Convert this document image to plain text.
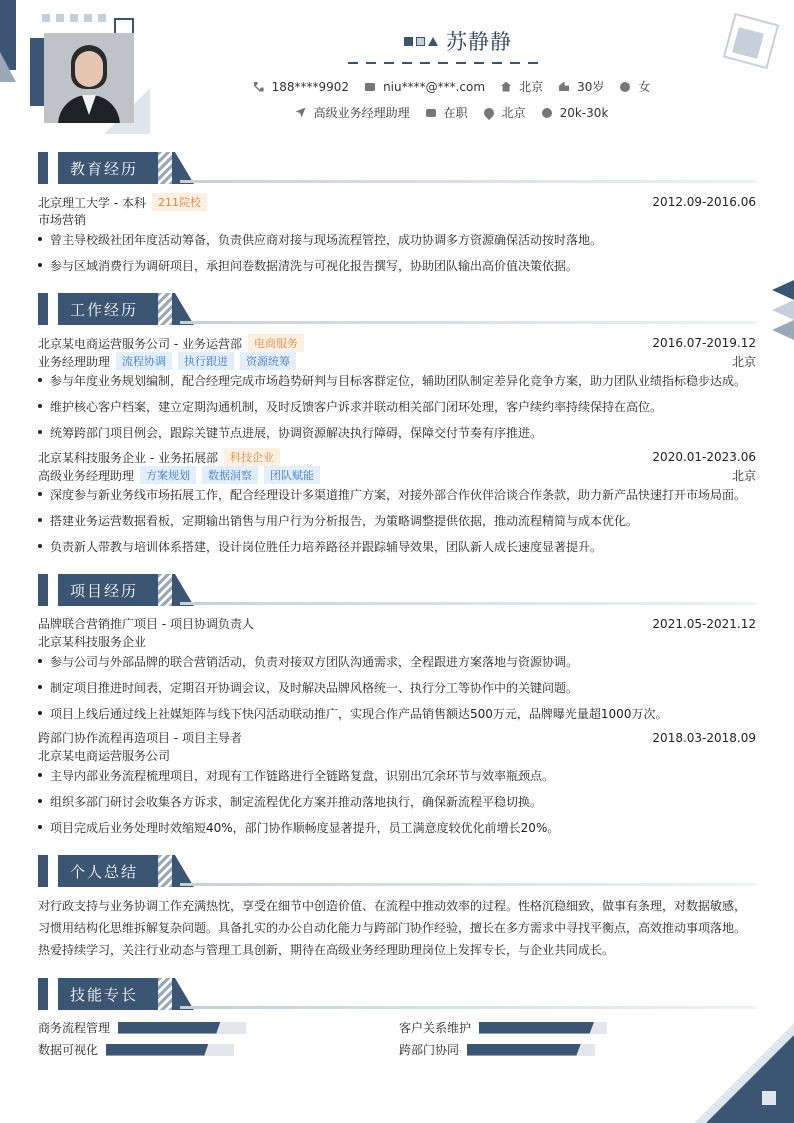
苏静静
188****9902	niu****@***.com	北京	30岁	女
高级业务经理助理	在职	北京	20k-30k
教育经历
北京理工大学 - 本科	211院校	2012.09-2016.06
市场营销
曾主导校级社团年度活动筹备，负责供应商对接与现场流程管控，成功协调多方资源确保活动按时落地。
参与区域消费行为调研项目，承担问卷数据清洗与可视化报告撰写，协助团队输出高价值决策依据。
工作经历
北京某电商运营服务公司 - 业务运营部	电商服务	2016.07-2019.12
业务经理助理	流程协调	执行跟进	资源统筹	北京
参与年度业务规划编制，配合经理完成市场趋势研判与目标客群定位，辅助团队制定差异化竞争方案，助力团队业绩指标稳步达成。
维护核心客户档案，建立定期沟通机制，及时反馈客户诉求并联动相关部门闭环处理，客户续约率持续保持在高位。
统筹跨部门项目例会，跟踪关键节点进展，协调资源解决执行障碍，保障交付节奏有序推进。
北京某科技服务企业 - 业务拓展部	科技企业	2020.01-2023.06
高级业务经理助理	方案规划	数据洞察	团队赋能	北京
深度参与新业务线市场拓展工作，配合经理设计多渠道推广方案，对接外部合作伙伴洽谈合作条款，助力新产品快速打开市场局面。
搭建业务运营数据看板，定期输出销售与用户行为分析报告，为策略调整提供依据，推动流程精简与成本优化。
负责新人带教与培训体系搭建，设计岗位胜任力培养路径并跟踪辅导效果，团队新人成长速度显著提升。
项目经历
品牌联合营销推广项目 - 项目协调负责人	2021.05-2021.12
北京某科技服务企业
参与公司与外部品牌的联合营销活动，负责对接双方团队沟通需求，全程跟进方案落地与资源协调。
制定项目推进时间表，定期召开协调会议，及时解决品牌风格统一、执行分工等协作中的关键问题。
项目上线后通过线上社媒矩阵与线下快闪活动联动推广，实现合作产品销售额达500万元，品牌曝光量超1000万次。
跨部门协作流程再造项目 - 项目主导者	2018.03-2018.09
北京某电商运营服务公司
主导内部业务流程梳理项目，对现有工作链路进行全链路复盘，识别出冗余环节与效率瓶颈点。
组织多部门研讨会收集各方诉求，制定流程优化方案并推动落地执行，确保新流程平稳切换。
项目完成后业务处理时效缩短40%，部门协作顺畅度显著提升，员工满意度较优化前增长20%。
个人总结
对行政支持与业务协调工作充满热忱，享受在细节中创造价值、在流程中推动效率的过程。性格沉稳细致，做事有条理，对数据敏感，
习惯用结构化思维拆解复杂问题。具备扎实的办公自动化能力与跨部门协作经验，擅长在多方需求中寻找平衡点，高效推动事项落地。
热爱持续学习，关注行业动态与管理工具创新，期待在高级业务经理助理岗位上发挥专长，与企业共同成长。
技能专长
商务流程管理	客户关系维护
数据可视化	跨部门协同
